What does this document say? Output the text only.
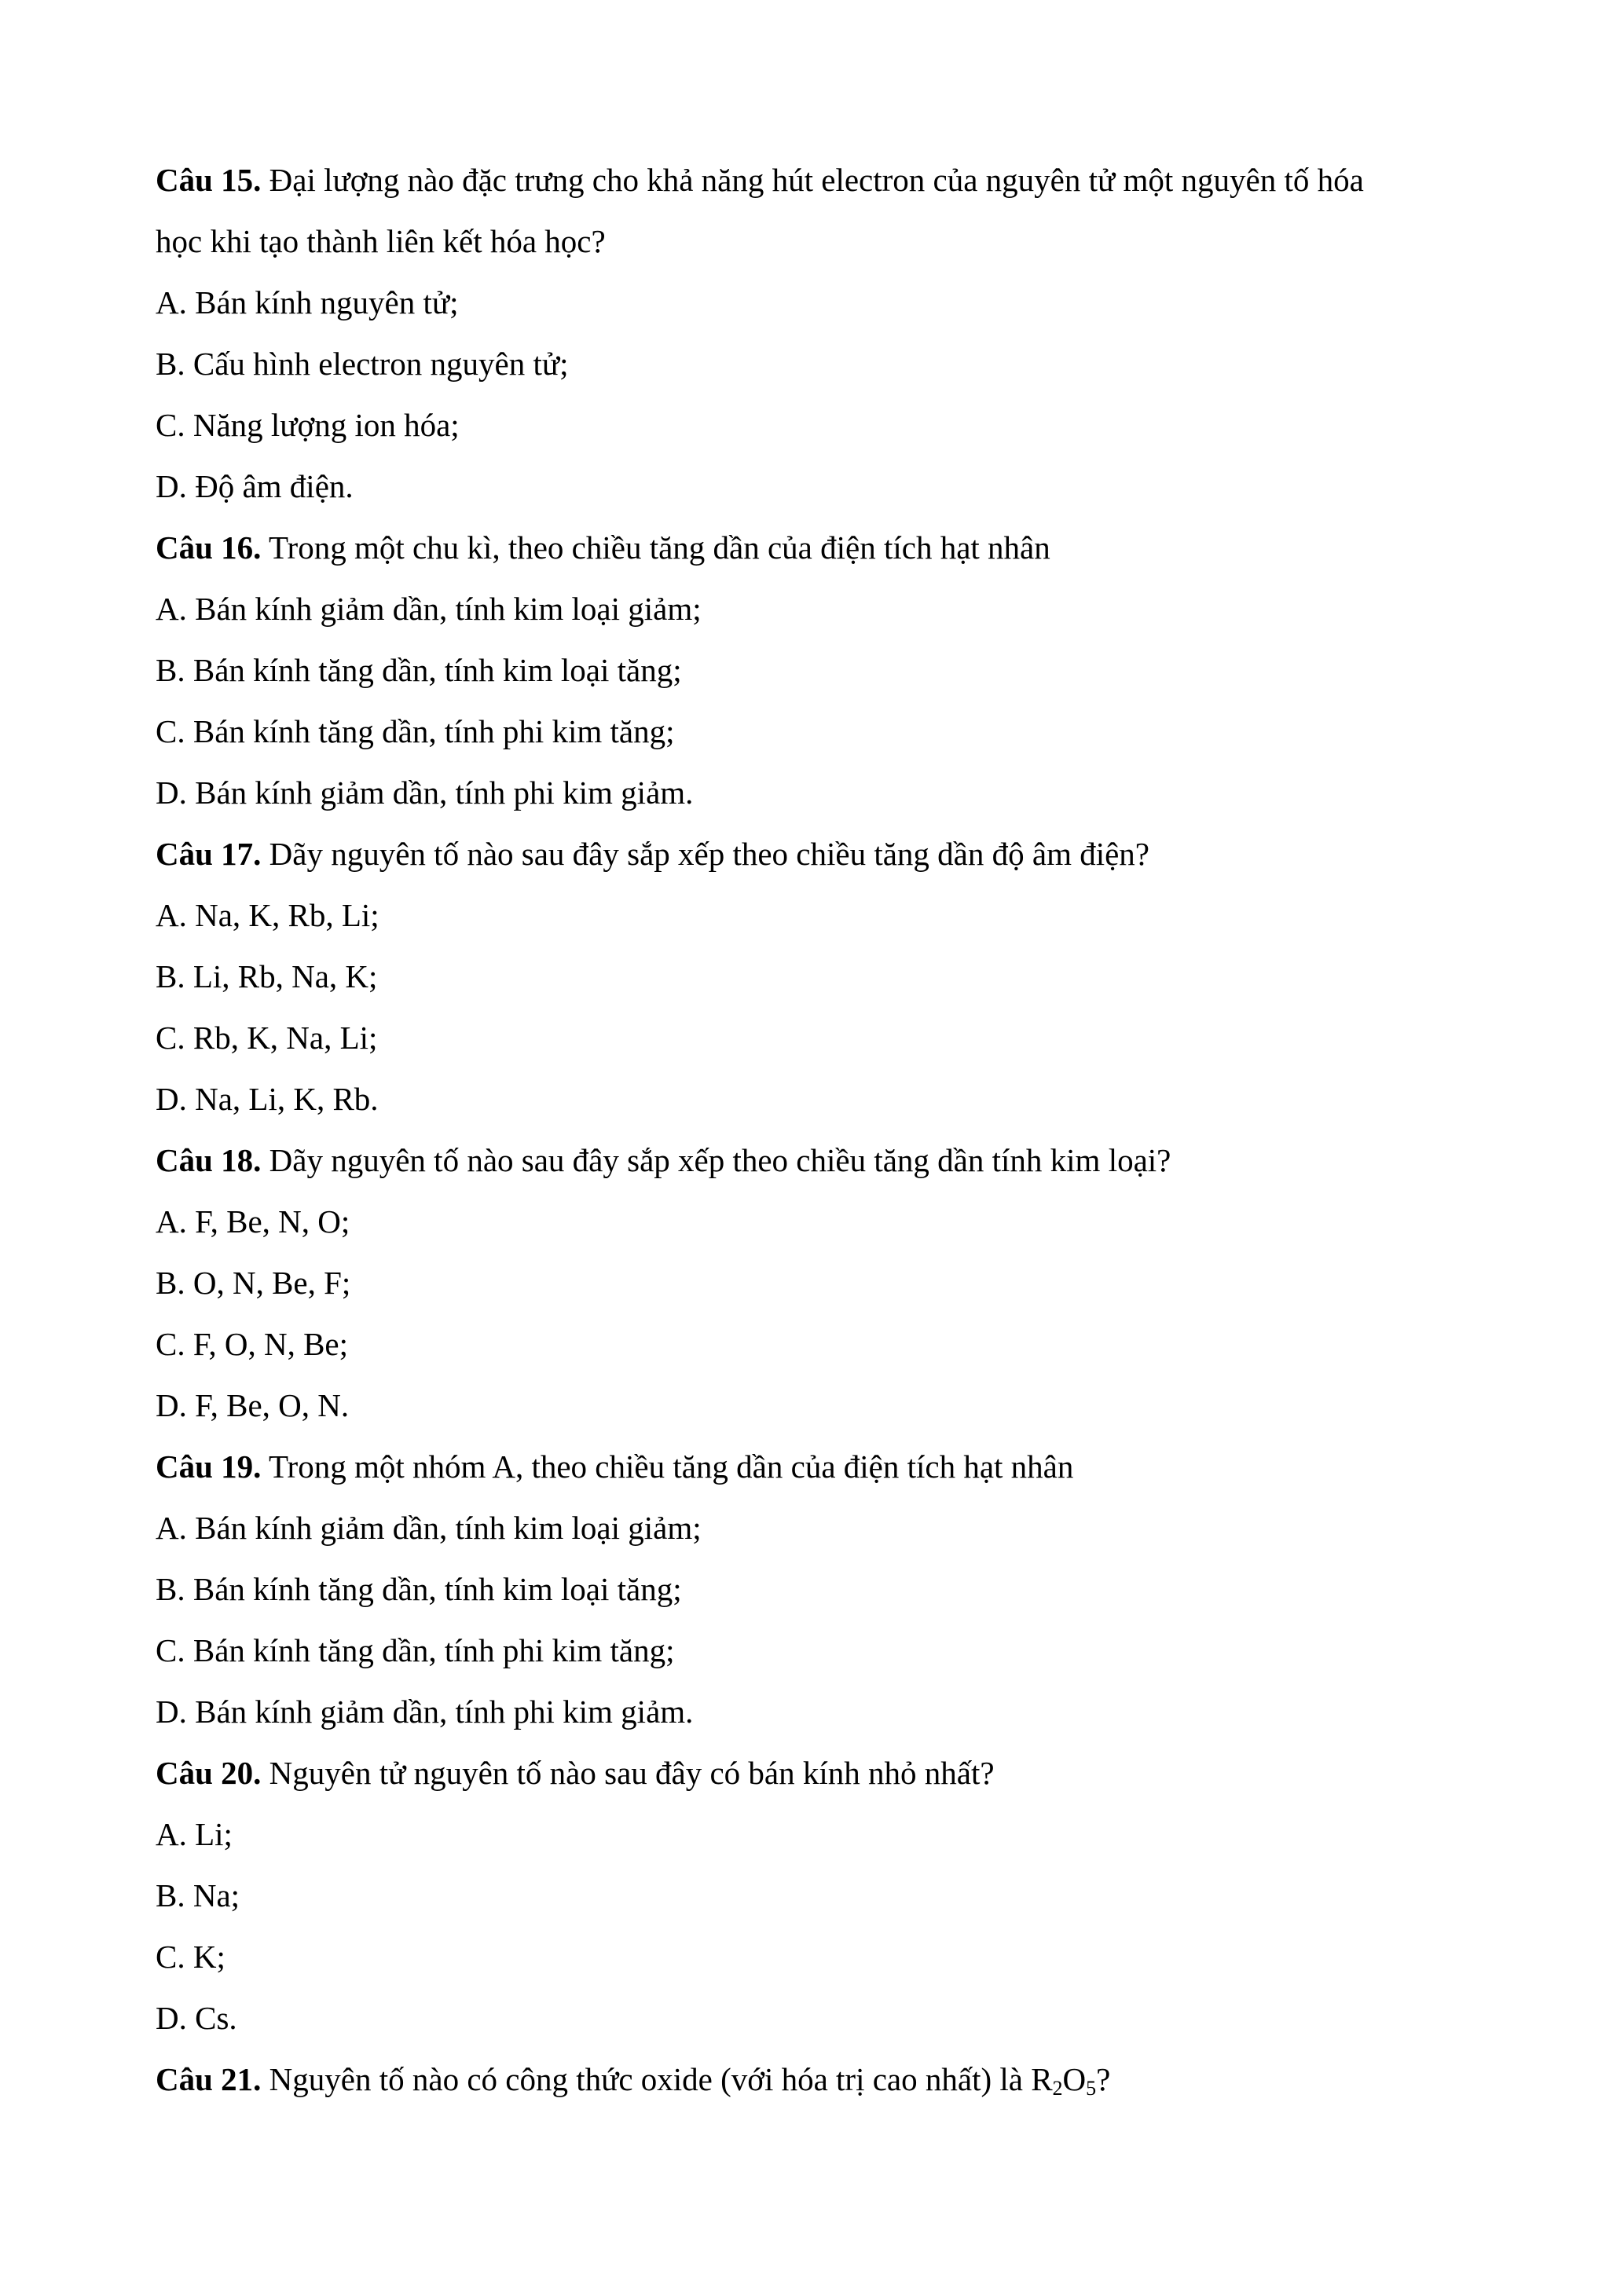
Câu 15. Đại lượng nào đặc trưng cho khả năng hút electron của nguyên tử một nguyên tố hóa
học khi tạo thành liên kết hóa học?
A. Bán kính nguyên tử;
B. Cấu hình electron nguyên tử;
C. Năng lượng ion hóa;
D. Độ âm điện.
Câu 16. Trong một chu kì, theo chiều tăng dần của điện tích hạt nhân
A. Bán kính giảm dần, tính kim loại giảm;
B. Bán kính tăng dần, tính kim loại tăng;
C. Bán kính tăng dần, tính phi kim tăng;
D. Bán kính giảm dần, tính phi kim giảm.
Câu 17. Dãy nguyên tố nào sau đây sắp xếp theo chiều tăng dần độ âm điện?
A. Na, K, Rb, Li;
B. Li, Rb, Na, K;
C. Rb, K, Na, Li;
D. Na, Li, K, Rb.
Câu 18. Dãy nguyên tố nào sau đây sắp xếp theo chiều tăng dần tính kim loại?
A. F, Be, N, O;
B. O, N, Be, F;
C. F, O, N, Be;
D. F, Be, O, N.
Câu 19. Trong một nhóm A, theo chiều tăng dần của điện tích hạt nhân
A. Bán kính giảm dần, tính kim loại giảm;
B. Bán kính tăng dần, tính kim loại tăng;
C. Bán kính tăng dần, tính phi kim tăng;
D. Bán kính giảm dần, tính phi kim giảm.
Câu 20. Nguyên tử nguyên tố nào sau đây có bán kính nhỏ nhất?
A. Li;
B. Na;
C. K;
D. Cs.
Câu 21. Nguyên tố nào có công thức oxide (với hóa trị cao nhất) là $R_2O_5$?
